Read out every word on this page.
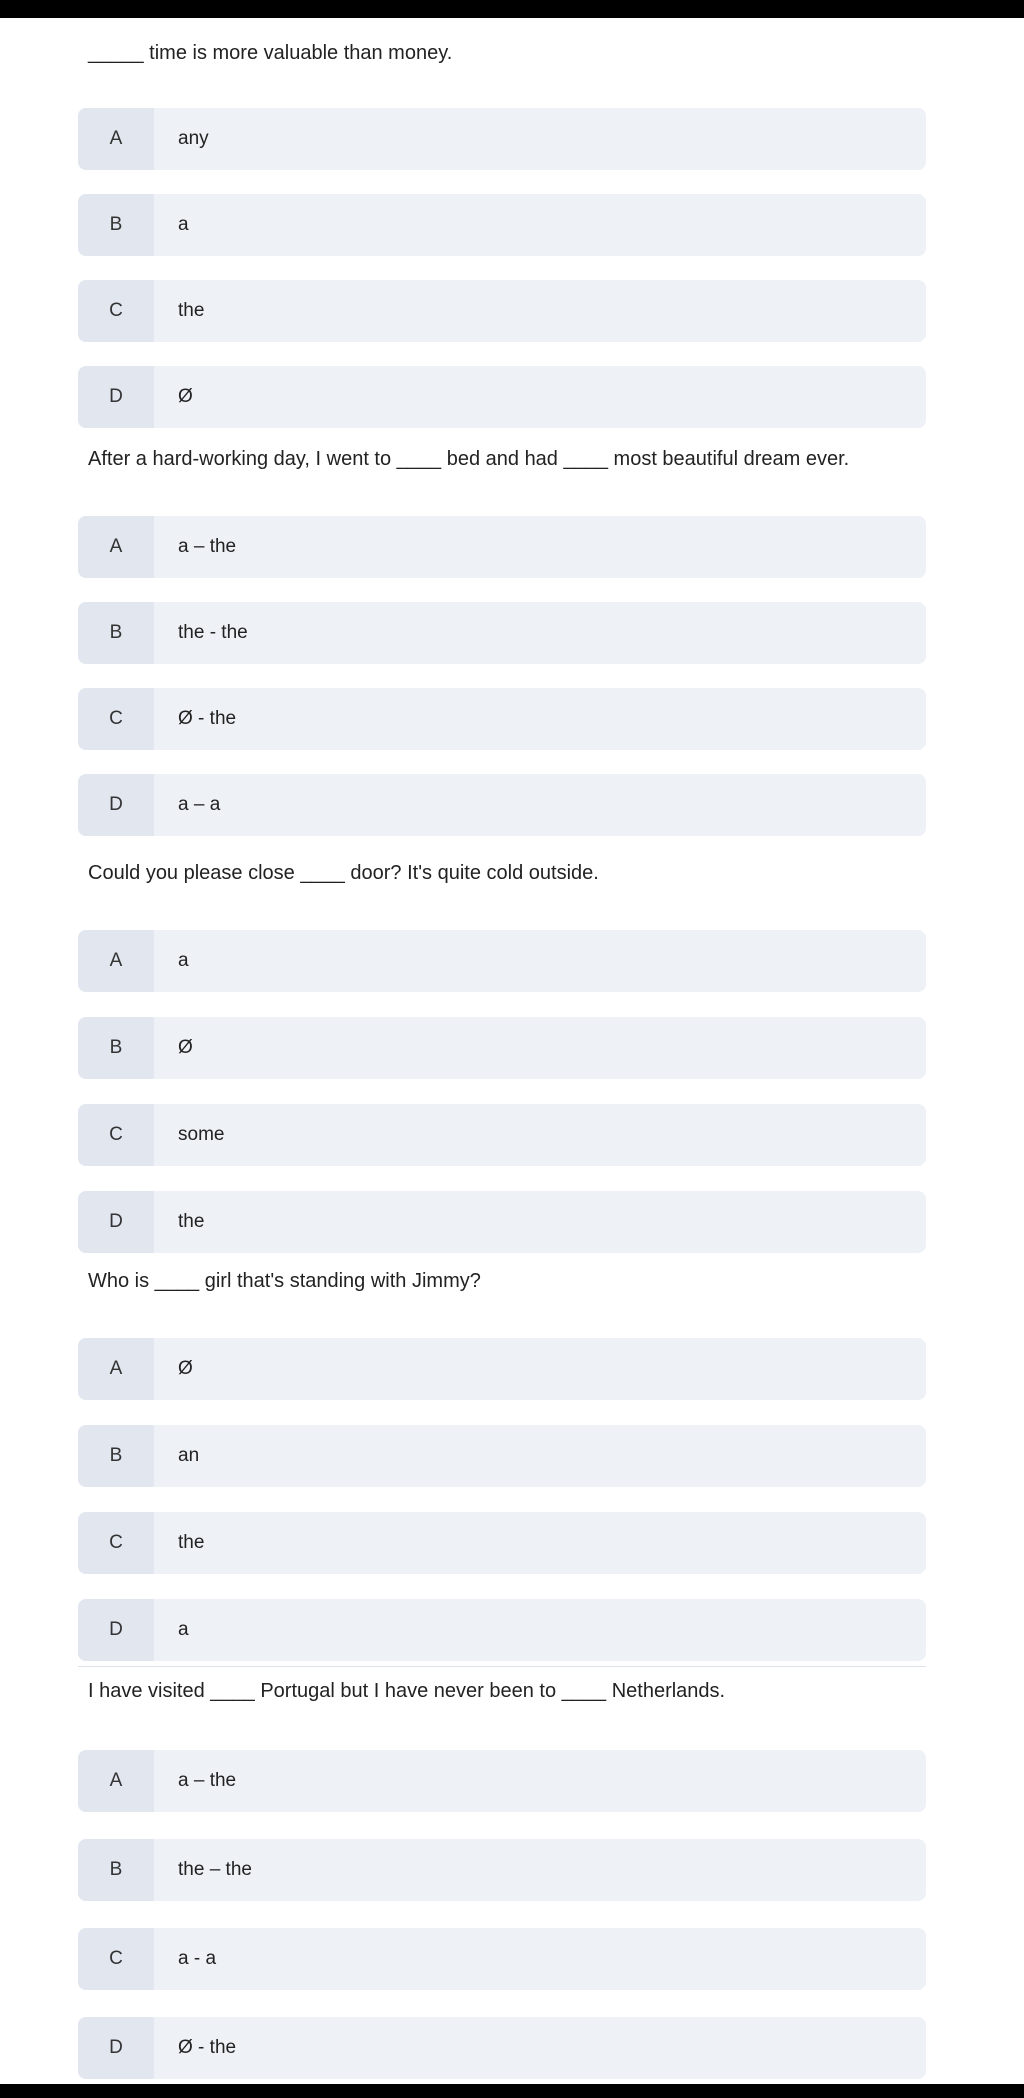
_____ time is more valuable than money.
A	any
B	a
C	the
D	Ø
After a hard-working day, I went to ____ bed and had ____ most beautiful dream ever.
A	a – the
B	the - the
C	Ø - the
D	a – a
Could you please close ____ door? It's quite cold outside.
A	a
B	Ø
C	some
D	the
Who is ____ girl that's standing with Jimmy?
A	Ø
B	an
C	the
D	a
I have visited ____ Portugal but I have never been to ____ Netherlands.
A	a – the
B	the – the
C	a - a
D	Ø - the
